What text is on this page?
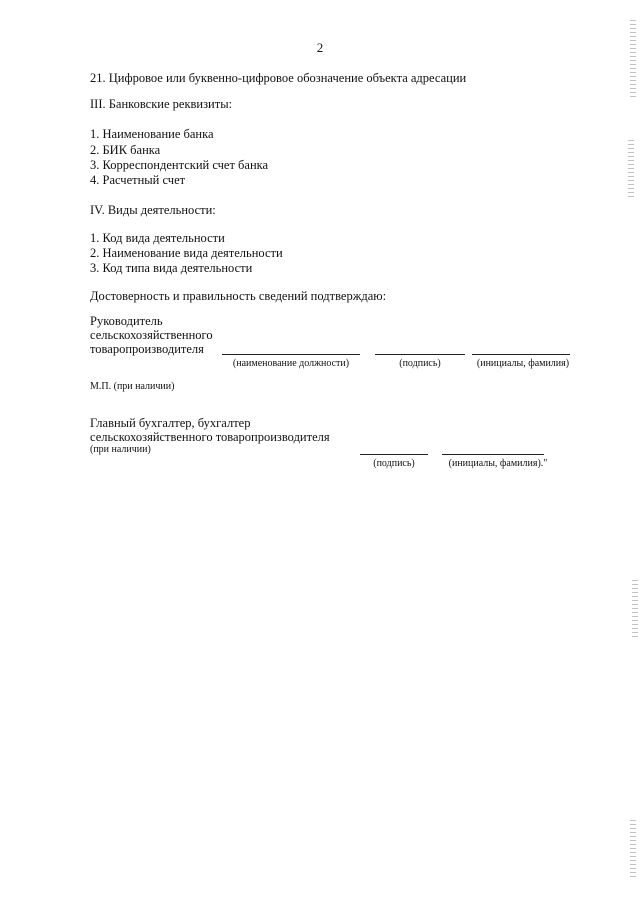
2
21. Цифровое или буквенно-цифровое обозначение объекта адресации
III. Банковские реквизиты:
1. Наименование банка
2. БИК банка
3. Корреспондентский счет банка
4. Расчетный счет
IV. Виды деятельности:
1. Код вида деятельности
2. Наименование вида деятельности
3. Код типа вида деятельности
Достоверность и правильность сведений подтверждаю:
Руководитель
сельскохозяйственного
товаропроизводителя
(наименование должности)	(подпись)	(инициалы, фамилия)
М.П. (при наличии)
Главный бухгалтер, бухгалтер
сельскохозяйственного товаропроизводителя
(при наличии)
(подпись)	(инициалы, фамилия)."
